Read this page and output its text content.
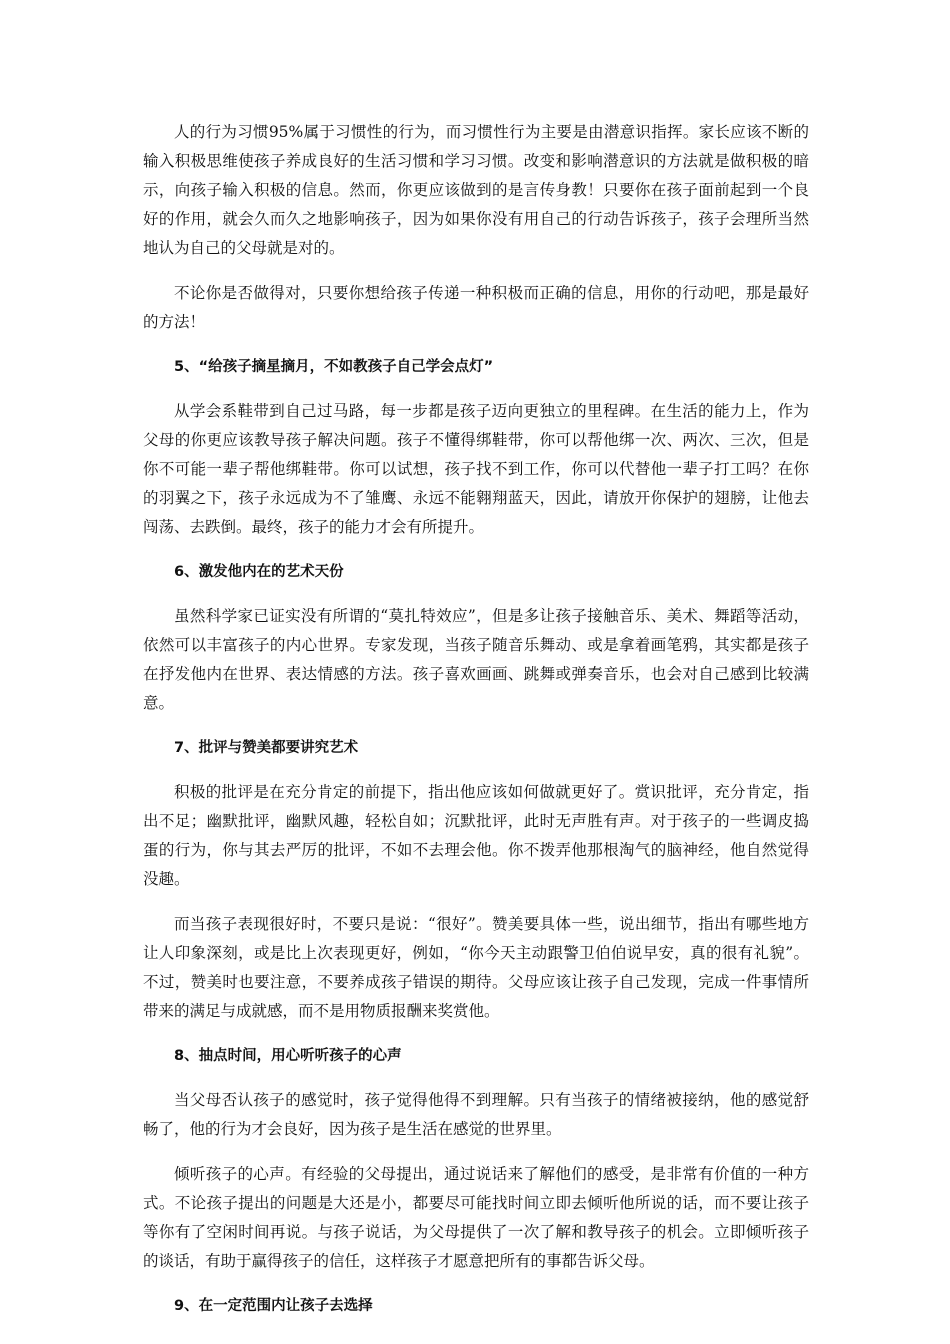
人的行为习惯95%属于习惯性的行为，而习惯性行为主要是由潜意识指挥。家长应该不断的输入积极思维使孩子养成良好的生活习惯和学习习惯。改变和影响潜意识的方法就是做积极的暗示，向孩子输入积极的信息。然而，你更应该做到的是言传身教！只要你在孩子面前起到一个良好的作用，就会久而久之地影响孩子，因为如果你没有用自己的行动告诉孩子，孩子会理所当然地认为自己的父母就是对的。

不论你是否做得对，只要你想给孩子传递一种积极而正确的信息，用你的行动吧，那是最好的方法！

5、“给孩子摘星摘月，不如教孩子自己学会点灯”

从学会系鞋带到自己过马路，每一步都是孩子迈向更独立的里程碑。在生活的能力上，作为父母的你更应该教导孩子解决问题。孩子不懂得绑鞋带，你可以帮他绑一次、两次、三次，但是你不可能一辈子帮他绑鞋带。你可以试想，孩子找不到工作，你可以代替他一辈子打工吗？在你的羽翼之下，孩子永远成为不了雏鹰、永远不能翱翔蓝天，因此，请放开你保护的翅膀，让他去闯荡、去跌倒。最终，孩子的能力才会有所提升。

6、激发他内在的艺术天份

虽然科学家已证实没有所谓的“莫扎特效应”，但是多让孩子接触音乐、美术、舞蹈等活动，依然可以丰富孩子的内心世界。专家发现，当孩子随音乐舞动、或是拿着画笔鸦，其实都是孩子在抒发他内在世界、表达情感的方法。孩子喜欢画画、跳舞或弹奏音乐，也会对自己感到比较满意。

7、批评与赞美都要讲究艺术

积极的批评是在充分肯定的前提下，指出他应该如何做就更好了。赏识批评，充分肯定，指出不足；幽默批评，幽默风趣，轻松自如；沉默批评，此时无声胜有声。对于孩子的一些调皮捣蛋的行为，你与其去严厉的批评，不如不去理会他。你不拨弄他那根淘气的脑神经，他自然觉得没趣。

而当孩子表现很好时，不要只是说：“很好”。赞美要具体一些，说出细节，指出有哪些地方让人印象深刻，或是比上次表现更好，例如，“你今天主动跟警卫伯伯说早安，真的很有礼貌”。不过，赞美时也要注意，不要养成孩子错误的期待。父母应该让孩子自己发现，完成一件事情所带来的满足与成就感，而不是用物质报酬来奖赏他。

8、抽点时间，用心听听孩子的心声

当父母否认孩子的感觉时，孩子觉得他得不到理解。只有当孩子的情绪被接纳，他的感觉舒畅了，他的行为才会良好，因为孩子是生活在感觉的世界里。

倾听孩子的心声。有经验的父母提出，通过说话来了解他们的感受，是非常有价值的一种方式。不论孩子提出的问题是大还是小，都要尽可能找时间立即去倾听他所说的话，而不要让孩子等你有了空闲时间再说。与孩子说话，为父母提供了一次了解和教导孩子的机会。立即倾听孩子的谈话，有助于赢得孩子的信任，这样孩子才愿意把所有的事都告诉父母。

9、在一定范围内让孩子去选择
